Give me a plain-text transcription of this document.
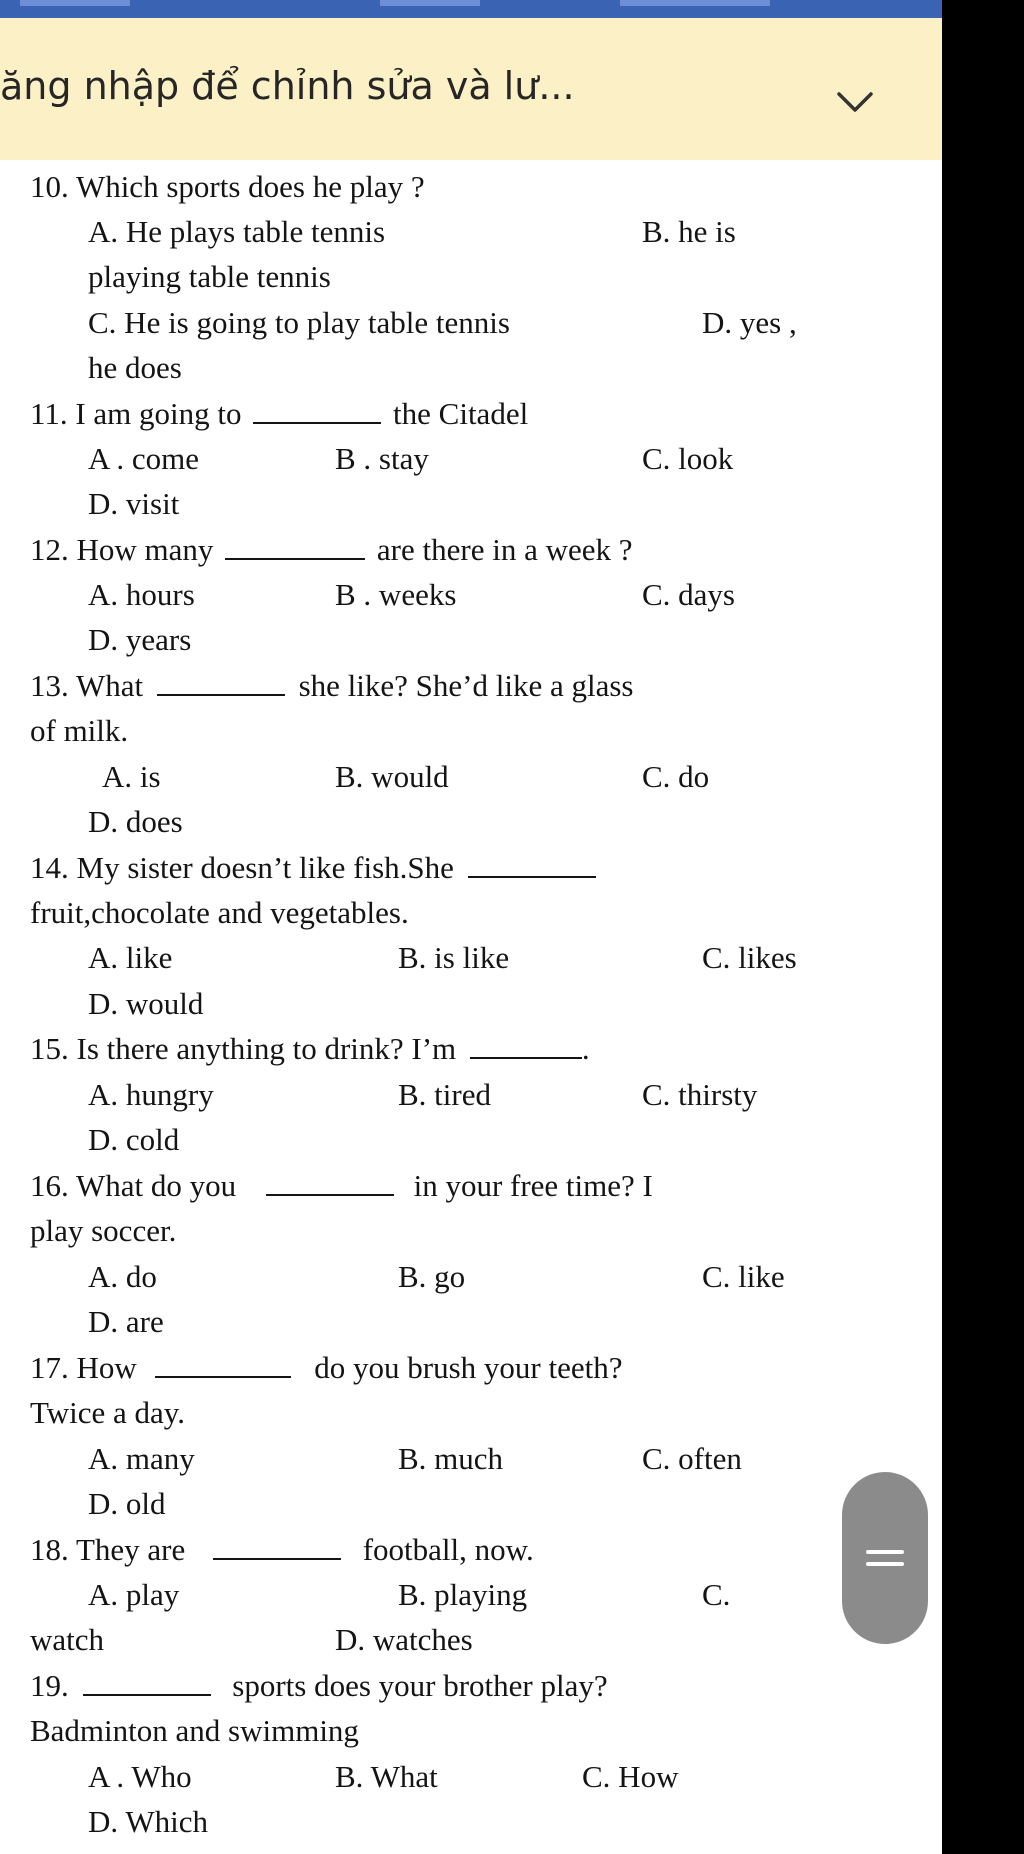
ăng nhập để chỉnh sửa và lư...
10. Which sports does he play ?
A. He plays table tennis	B. he is
playing table tennis
C. He is going to play table tennis	D. yes ,
he does
11. I am going to	the Citadel
A . come	B . stay	C. look
D. visit
12. How many	are there in a week ?
A. hours	B . weeks	C. days
D. years
13. What	she like? She’d like a glass
of milk.
A. is	B. would	C. do
D. does
14. My sister doesn’t like fish.She
fruit,chocolate and vegetables.
A. like	B. is like	C. likes
D. would
15. Is there anything to drink? I’m	.
A. hungry	B. tired	C. thirsty
D. cold
16. What do you	in your free time? I
play soccer.
A. do	B. go	C. like
D. are
17. How	do you brush your teeth?
Twice a day.
A. many	B. much	C. often
D. old
18. They are	football, now.
A. play	B. playing	C.
watch	D. watches
19.	sports does your brother play?
Badminton and swimming
A . Who	B. What	C. How
D. Which
